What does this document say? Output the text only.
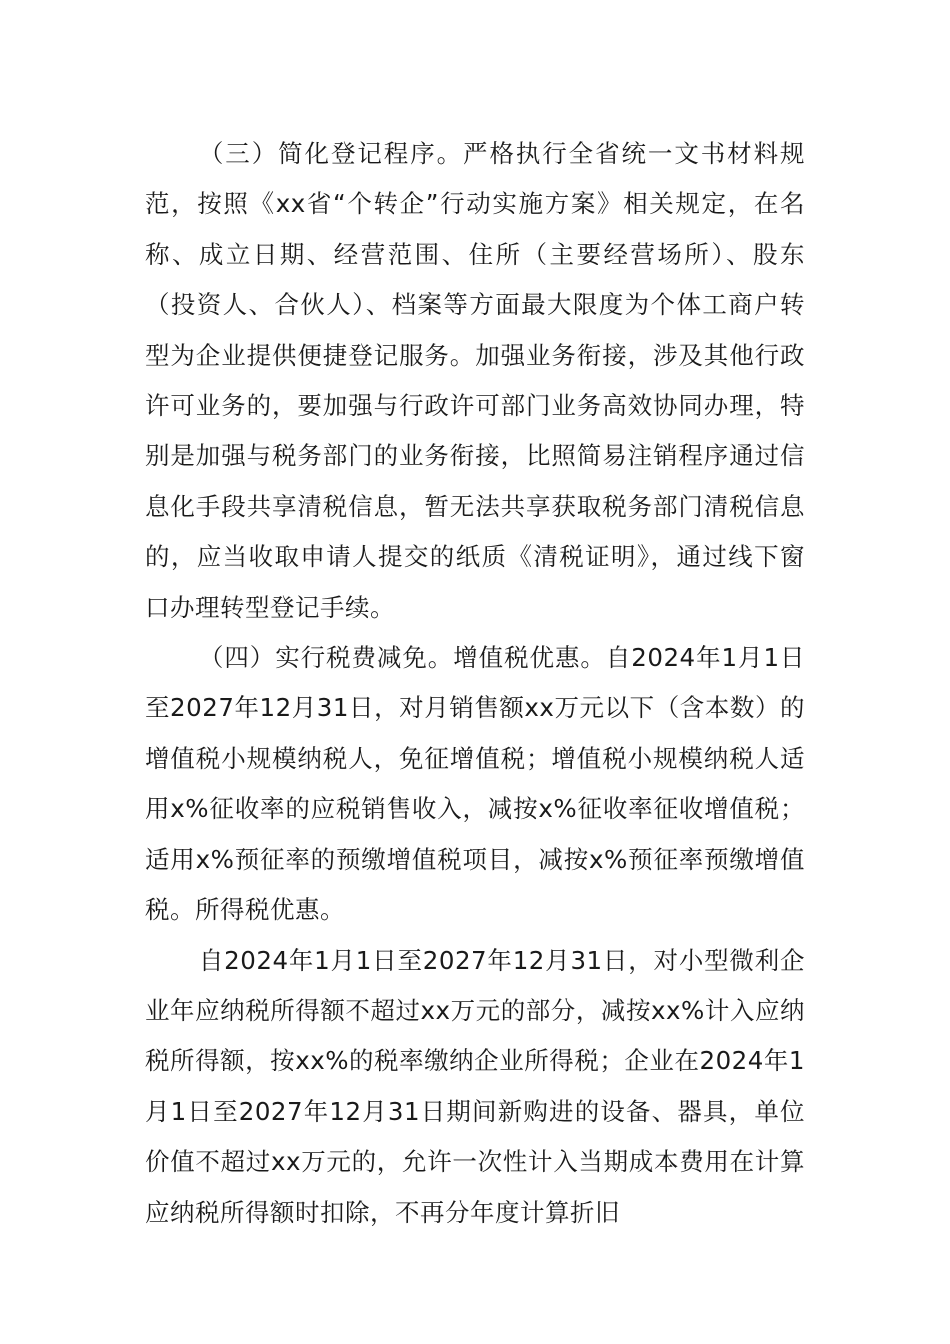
（三）简化登记程序。严格执行全省统一文书材料规范，按照《xx省“个转企”行动实施方案》相关规定，在名称、成立日期、经营范围、住所（主要经营场所）、股东（投资人、合伙人）、档案等方面最大限度为个体工商户转型为企业提供便捷登记服务。加强业务衔接，涉及其他行政许可业务的，要加强与行政许可部门业务高效协同办理，特别是加强与税务部门的业务衔接，比照简易注销程序通过信息化手段共享清税信息，暂无法共享获取税务部门清税信息的，应当收取申请人提交的纸质《清税证明》，通过线下窗口办理转型登记手续。

（四）实行税费减免。增值税优惠。自2024年1月1日至2027年12月31日，对月销售额xx万元以下（含本数）的增值税小规模纳税人，免征增值税；增值税小规模纳税人适用x%征收率的应税销售收入，减按x%征收率征收增值税；适用x%预征率的预缴增值税项目，减按x%预征率预缴增值税。所得税优惠。

自2024年1月1日至2027年12月31日，对小型微利企业年应纳税所得额不超过xx万元的部分，减按xx%计入应纳税所得额，按xx%的税率缴纳企业所得税；企业在2024年1月1日至2027年12月31日期间新购进的设备、器具，单位价值不超过xx万元的，允许一次性计入当期成本费用在计算应纳税所得额时扣除，不再分年度计算折旧
